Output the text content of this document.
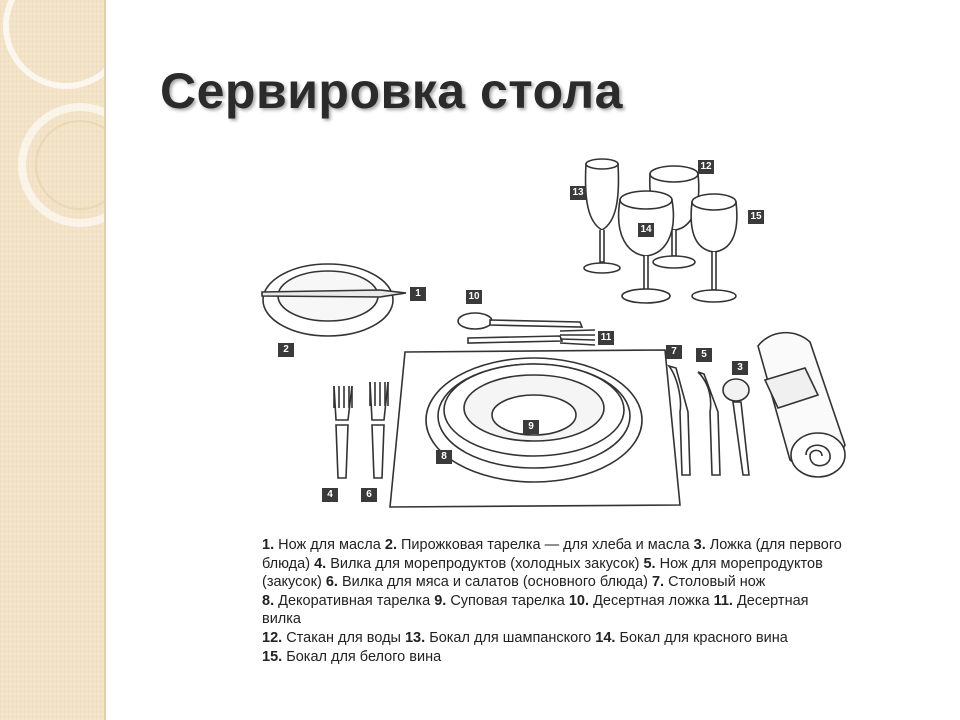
Сервировка стола
1
2
3
4
5
6
7
8
9
10
11
12
13
14
15
1. Нож для масла 2. Пирожковая тарелка — для хлеба и масла 3. Ложка (для первого блюда) 4. Вилка для морепродуктов (холодных закусок) 5. Нож для морепродуктов (закусок) 6. Вилка для мяса и салатов (основного блюда) 7. Столовый нож
8. Декоративная тарелка 9. Суповая тарелка 10. Десертная ложка 11. Десертная вилка
12. Стакан для воды 13. Бокал для шампанского 14. Бокал для красного вина
15. Бокал для белого вина
